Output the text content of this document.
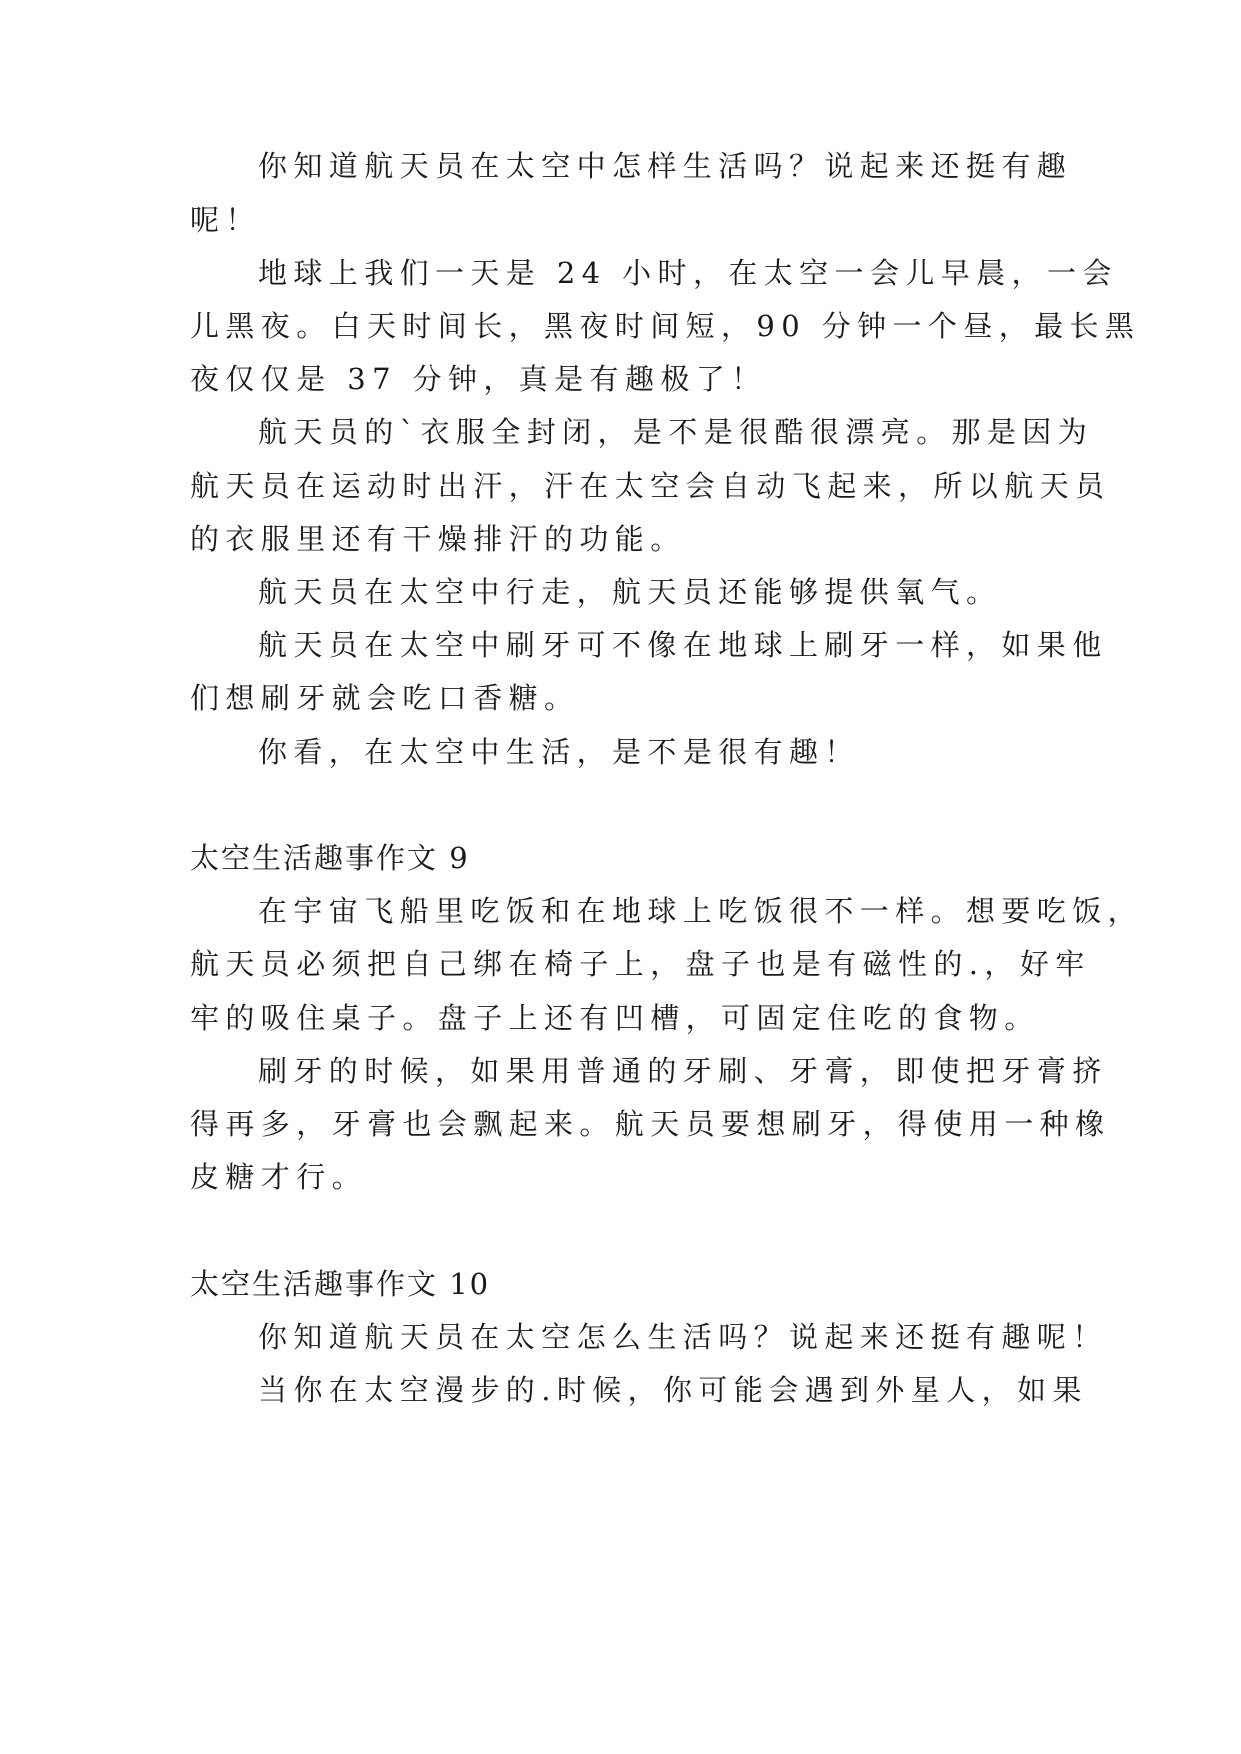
你知道航天员在太空中怎样生活吗？说起来还挺有趣
呢！
地球上我们一天是 24 小时，在太空一会儿早晨，一会
儿黑夜。白天时间长，黑夜时间短，90 分钟一个昼，最长黑
夜仅仅是 37 分钟，真是有趣极了！
航天员的`衣服全封闭，是不是很酷很漂亮。那是因为
航天员在运动时出汗，汗在太空会自动飞起来，所以航天员
的衣服里还有干燥排汗的功能。
航天员在太空中行走，航天员还能够提供氧气。
航天员在太空中刷牙可不像在地球上刷牙一样，如果他
们想刷牙就会吃口香糖。
你看，在太空中生活，是不是很有趣！
太空生活趣事作文 9
在宇宙飞船里吃饭和在地球上吃饭很不一样。想要吃饭，
航天员必须把自己绑在椅子上，盘子也是有磁性的.，好牢
牢的吸住桌子。盘子上还有凹槽，可固定住吃的食物。
刷牙的时候，如果用普通的牙刷、牙膏，即使把牙膏挤
得再多，牙膏也会飘起来。航天员要想刷牙，得使用一种橡
皮糖才行。
太空生活趣事作文 10
你知道航天员在太空怎么生活吗？说起来还挺有趣呢！
当你在太空漫步的.时候，你可能会遇到外星人，如果
